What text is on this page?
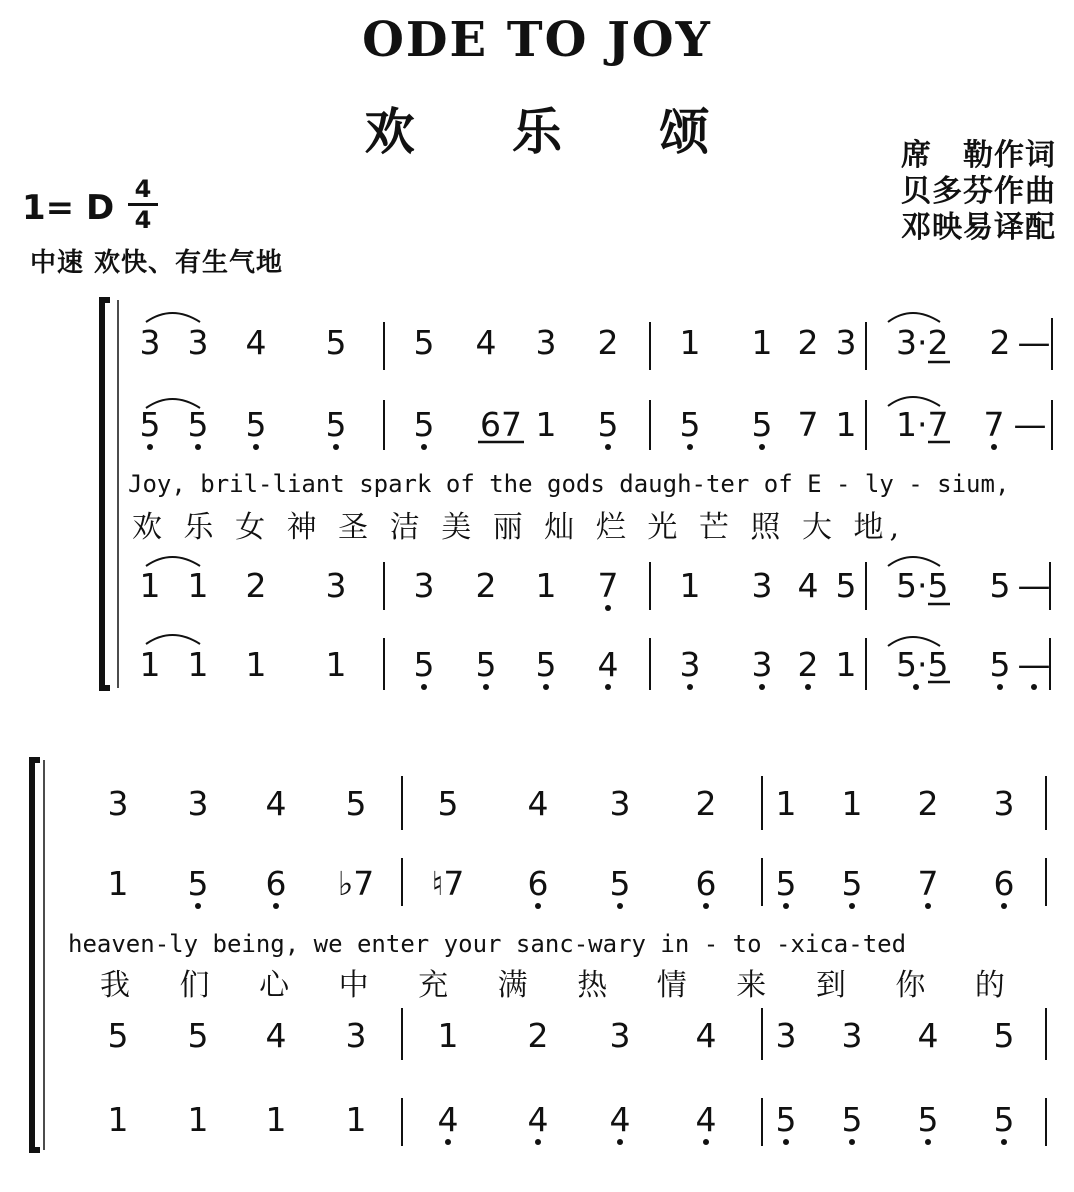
ODE TO JOY
欢 乐 颂	席　勒作词
贝多芬作曲
邓映易译配
1= D 4
4
中速 欢快、有生气地
3 3 4 5 5 4 3 2 1 1 2 3 3·2 2 —
5 5 5 5 5 67 1 5 5 5 7 1 1·7 7 —
1 1 2 3 3 2 1 7 1 3 4 5 5·5 5 —
1 1 1 1 5 5 5 4 3 3 2 1 5·5 5 —
3 3 4 5 5 4 3 2 1 1 2 3
1 5 6 ♭7 ♮7 6 5 6 5 5 7 6
5 5 4 3 1 2 3 4 3 3 4 5
1 1 1 1 4 4 4 4 5 5 5 5
Joy, bril-liant spark of the gods daugh-ter of E - ly - sium,
欢 乐 女 神 圣 洁 美 丽 灿 烂 光 芒 照 大 地,
heaven-ly being, we enter your sanc-wary in - to -xica-ted
我 们 心 中 充 满 热 情 来 到 你 的
